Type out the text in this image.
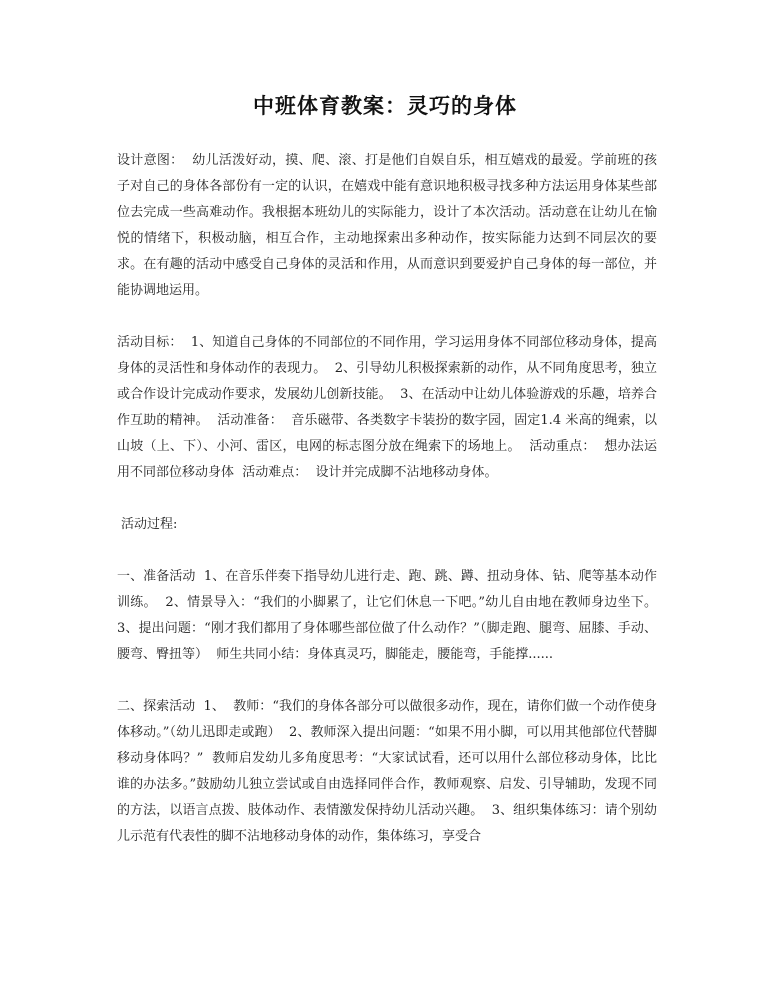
中班体育教案：灵巧的身体

设计意图：  幼儿活泼好动，摸、爬、滚、打是他们自娱自乐，相互嬉戏的最爱。学前班的孩子对自己的身体各部份有一定的认识，在嬉戏中能有意识地积极寻找多种方法运用身体某些部位去完成一些高难动作。我根据本班幼儿的实际能力，设计了本次活动。活动意在让幼儿在愉悦的情绪下，积极动脑，相互合作，主动地探索出多种动作，按实际能力达到不同层次的要求。在有趣的活动中感受自己身体的灵活和作用，从而意识到要爱护自己身体的每一部位，并能协调地运用。

活动目标：  1、知道自己身体的不同部位的不同作用，学习运用身体不同部位移动身体，提高身体的灵活性和身体动作的表现力。  2、引导幼儿积极探索新的动作，从不同角度思考，独立或合作设计完成动作要求，发展幼儿创新技能。  3、在活动中让幼儿体验游戏的乐趣，培养合作互助的精神。  活动准备：  音乐磁带、各类数字卡装扮的数字园，固定1.4 米高的绳索，以山坡（上、下）、小河、雷区，电网的标志图分放在绳索下的场地上。  活动重点：  想办法运用不同部位移动身体  活动难点：  设计并完成脚不沾地移动身体。

活动过程:

一、准备活动  1、在音乐伴奏下指导幼儿进行走、跑、跳、蹲、扭动身体、钻、爬等基本动作训练。  2、情景导入：“我们的小脚累了，让它们休息一下吧。”幼儿自由地在教师身边坐下。  3、提出问题：“刚才我们都用了身体哪些部位做了什么动作？”（脚走跑、腿弯、屈膝、手动、腰弯、臀扭等）  师生共同小结：身体真灵巧，脚能走，腰能弯，手能撑......

二、探索活动  1、  教师：“我们的身体各部分可以做很多动作，现在，请你们做一个动作使身体移动。”（幼儿迅即走或跑）  2、教师深入提出问题：“如果不用小脚，可以用其他部位代替脚移动身体吗？”  教师启发幼儿多角度思考：“大家试试看，还可以用什么部位移动身体，比比谁的办法多。”鼓励幼儿独立尝试或自由选择同伴合作，教师观察、启发、引导辅助，发现不同的方法，以语言点拨、肢体动作、表情激发保持幼儿活动兴趣。  3、组织集体练习：请个别幼儿示范有代表性的脚不沾地移动身体的动作，集体练习，享受合
